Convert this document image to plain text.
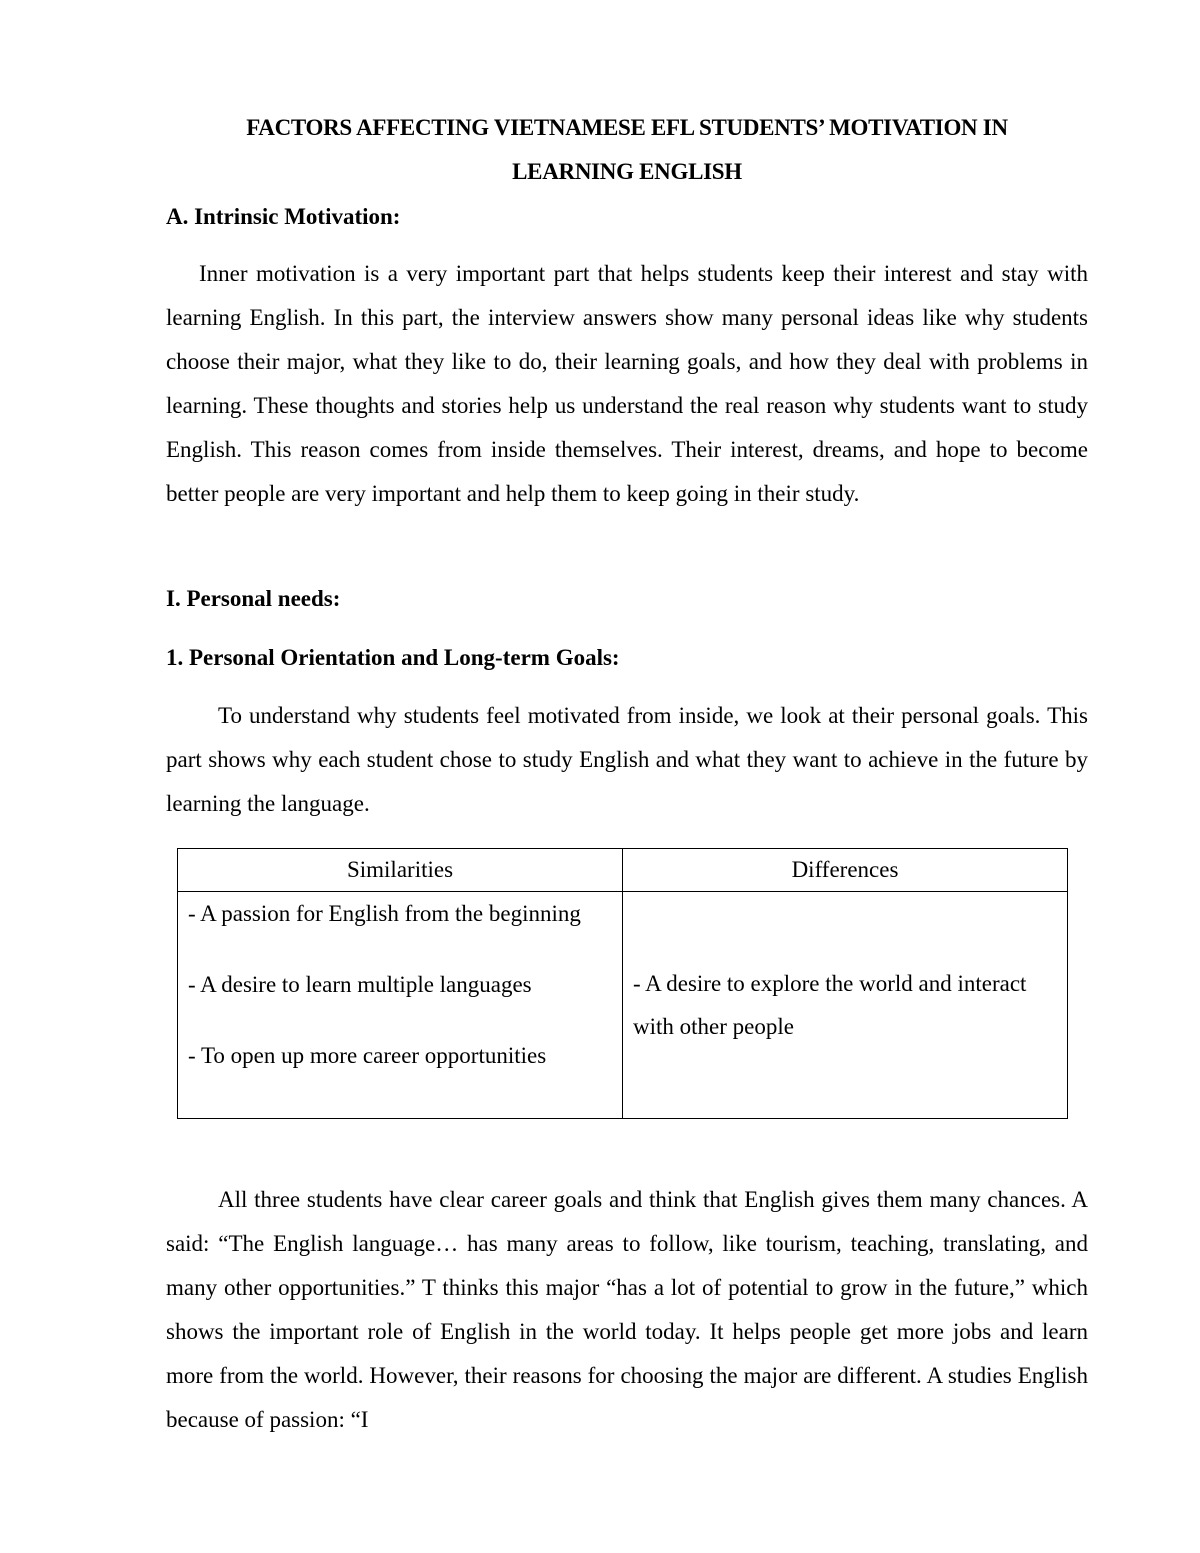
FACTORS AFFECTING VIETNAMESE EFL STUDENTS’ MOTIVATION IN
LEARNING ENGLISH
A. Intrinsic Motivation:

Inner motivation is a very important part that helps students keep their interest and stay with learning English. In this part, the interview answers show many personal ideas like why students choose their major, what they like to do, their learning goals, and how they deal with problems in learning. These thoughts and stories help us understand the real reason why students want to study English. This reason comes from inside themselves. Their interest, dreams, and hope to become better people are very important and help them to keep going in their study.

I. Personal needs:
1. Personal Orientation and Long-term Goals:

To understand why students feel motivated from inside, we look at their personal goals. This part shows why each student chose to study English and what they want to achieve in the future by learning the language.

Similarities	Differences

- A passion for English from the beginning
- A desire to learn multiple languages
- To open up more career opportunities	- A desire to explore the world and interact with other people

All three students have clear career goals and think that English gives them many chances. A said: “The English language… has many areas to follow, like tourism, teaching, translating, and many other opportunities.” T thinks this major “has a lot of potential to grow in the future,” which shows the important role of English in the world today. It helps people get more jobs and learn more from the world. However, their reasons for choosing the major are different. A studies English because of passion: “I
